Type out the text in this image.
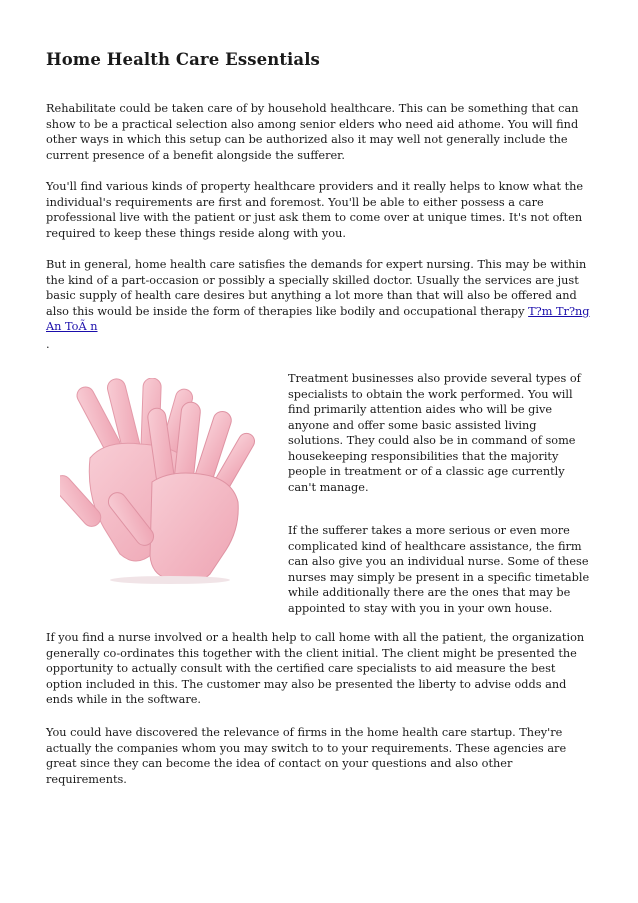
Home Health Care Essentials

Rehabilitate could be taken care of by household healthcare. This can be something that can show to be a practical selection also among senior elders who need aid athome. You will find other ways in which this setup can be authorized also it may well not generally include the current presence of a benefit alongside the sufferer.

You'll find various kinds of property healthcare providers and it really helps to know what the individual's requirements are first and foremost. You'll be able to either possess a care professional live with the patient or just ask them to come over at unique times. It's not often required to keep these things reside along with you.

But in general, home health care satisfies the demands for expert nursing. This may be within the kind of a part-occasion or possibly a specially skilled doctor. Usually the services are just basic supply of health care desires but anything a lot more than that will also be offered and also this would be inside the form of therapies like bodily and occupational therapy T?m Tr?ng An ToÃ n

.

Treatment businesses also provide several types of specialists to obtain the work performed. You will find primarily attention aides who will be give anyone and offer some basic assisted living solutions. They could also be in command of some housekeeping responsibilities that the majority people in treatment or of a classic age currently can't manage.

If the sufferer takes a more serious or even more complicated kind of healthcare assistance, the firm can also give you an individual nurse. Some of these nurses may simply be present in a specific timetable while additionally there are the ones that may be appointed to stay with you in your own house.

If you find a nurse involved or a health help to call home with all the patient, the organization generally co-ordinates this together with the client initial. The client might be presented the opportunity to actually consult with the certified care specialists to aid measure the best option included in this. The customer may also be presented the liberty to advise odds and ends while in the software.

You could have discovered the relevance of firms in the home health care startup. They're actually the companies whom you may switch to to your requirements. These agencies are great since they can become the idea of contact on your questions and also other requirements.
